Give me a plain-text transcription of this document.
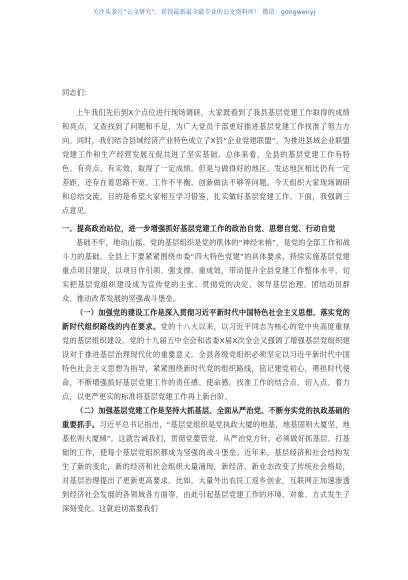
关注头条号“公文研究”，获得最新最全最专业的公文资料库！ 微信：gongwenyj

同志们：

上午我们先后到X个点位进行现场调研，大家既看到了我县基层党建工作取得的成绩和亮点，又查找到了问题和不足，为广大党员干部更好推进基层党建工作找准了努力方向。同时，我们结合县域经济产业特色成立了X县“企业党建联盟”，为推进县域企业联盟党建工作和生产经营发展互促共进了坚实基础。总体来看，全县的基层党建工作有特色、有亮点、有实效，取得了一定成绩。但是与做得好的地区、发达地区相比仍有一定差距，还存在着思路不宽、工作不平衡、创新做法不够等问题。今天组织大家现场调研和总结交流，目的是希望大家相互学习借鉴，扎实做好基层党建工作。下面，我强调三点意见。

一、提高政治站位，进一步增强抓好基层党建工作的政治自觉、思想自觉、行动自觉

基础不牢，地动山摇。党的基层组织是党的肌体的“神经末梢”，是党的全部工作和战斗力的基础。全县上下要紧紧围绕市委“四大特色党建”的具体要求，持续实施基层党建重点项目建设，以项目作引领、强支撑、重成效，带动提升全县党建工作整体水平，切实把基层党组织建设成为宣传党的主张、贯彻党的决定、领导基层治理、团结动员群众、推动改革发展的坚强战斗堡垒。

（一）加强党的建设工作是深入贯彻习近平新时代中国特色社会主义思想、落实党的新时代组织路线的内在要求。党的十八大以来，以习近平同志为核心的党中央高度重视党的基层组织建设。党的十九届五中全会和省委X届X次全会又强调了增强基层党组织建设对于推进基层治理现代化的重要意义。全县各级党组织必须坚定以习近平新时代中国特色社会主义思想为指导，紧紧围绕新时代党的组织路线，铭记建党初心，勇担时代使命，不断增强抓好基层党建工作的责任感、使命感，找准工作的结合点、切入点、着力点，以更严更实的标准将基层党建工作再上新台阶。

（二）加强基层党建工作是坚持大抓基层、全面从严治党、不断夯实党的执政基础的重要抓手。习近平总书记指出，“基层党组织是党执政大厦的地基，地基固则大厦坚，地基松则大厦倾”。这就告诫我们，贯彻党要管党、从严治党方针，必须做好抓基层、打基础的工作，使每个基层党组织都成为坚强的战斗堡垒。近年来，基层经济和社会结构发生了新的变化，新的经济和社会组织大量涌现，新经济、新业态改变了传统社会格局，对基层治理提出了更新更高要求。比如，大量外出农民工返乡创业，互联网正加速渗透到经济社会发展的各领域各方面等，由此引起基层党建工作的环境、对象、方式发生了深刻变化。这就迫切需要我们
